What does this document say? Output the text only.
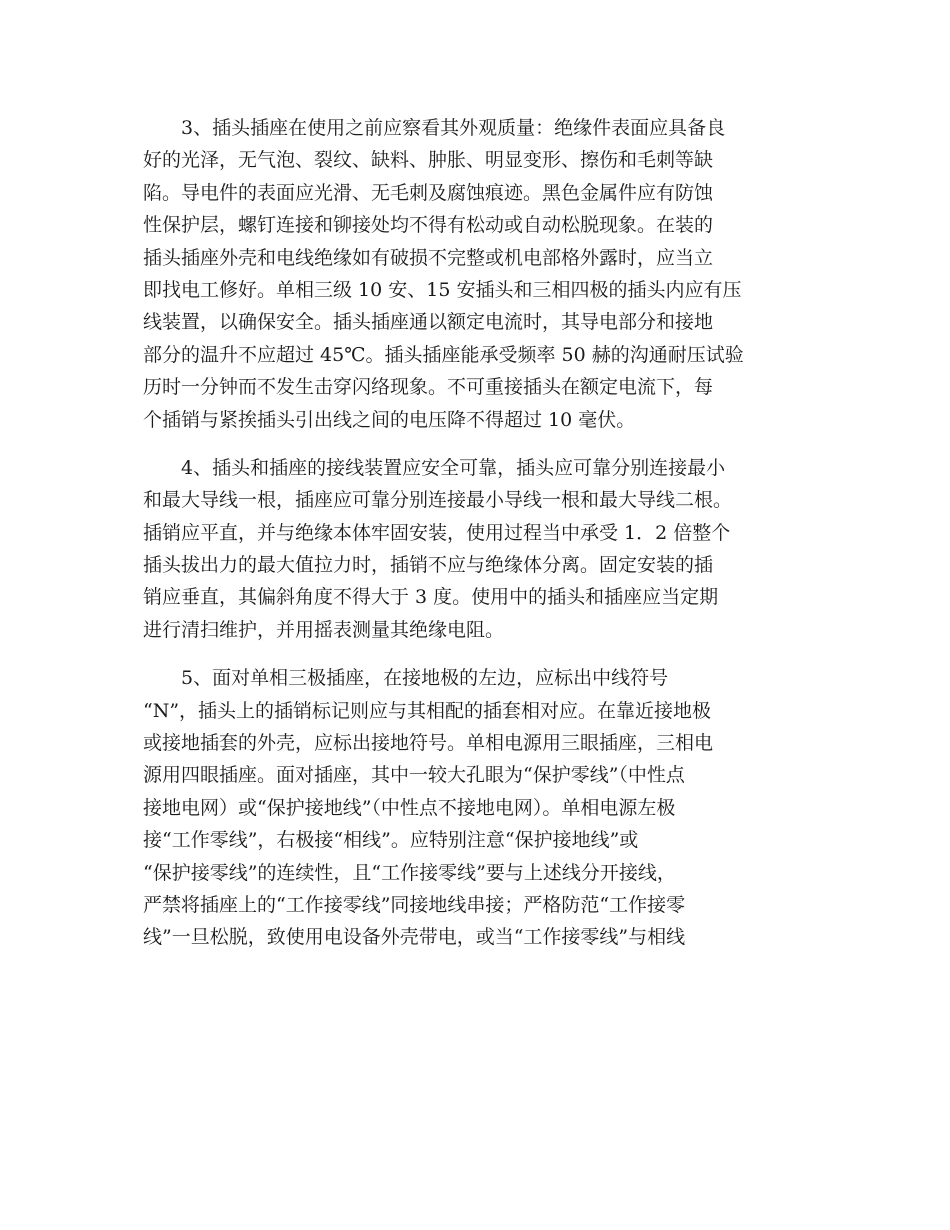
3、插头插座在使用之前应察看其外观质量：绝缘件表面应具备良
好的光泽，无气泡、裂纹、缺料、肿胀、明显变形、擦伤和毛刺等缺
陷。导电件的表面应光滑、无毛刺及腐蚀痕迹。黑色金属件应有防蚀
性保护层，螺钉连接和铆接处均不得有松动或自动松脱现象。在装的
插头插座外壳和电线绝缘如有破损不完整或机电部格外露时，应当立
即找电工修好。单相三级 10 安、15 安插头和三相四极的插头内应有压
线装置，以确保安全。插头插座通以额定电流时，其导电部分和接地
部分的温升不应超过 45℃。插头插座能承受频率 50 赫的沟通耐压试验
历时一分钟而不发生击穿闪络现象。不可重接插头在额定电流下，每
个插销与紧挨插头引出线之间的电压降不得超过 10 毫伏。
4、插头和插座的接线装置应安全可靠，插头应可靠分别连接最小
和最大导线一根，插座应可靠分别连接最小导线一根和最大导线二根。
插销应平直，并与绝缘本体牢固安装，使用过程当中承受 1．2 倍整个
插头拔出力的最大值拉力时，插销不应与绝缘体分离。固定安装的插
销应垂直，其偏斜角度不得大于 3 度。使用中的插头和插座应当定期
进行清扫维护，并用摇表测量其绝缘电阻。
5、面对单相三极插座，在接地极的左边，应标出中线符号
“N”，插头上的插销标记则应与其相配的插套相对应。在靠近接地极
或接地插套的外壳，应标出接地符号。单相电源用三眼插座，三相电
源用四眼插座。面对插座，其中一较大孔眼为“保护零线”（中性点
接地电网）或“保护接地线”（中性点不接地电网）。单相电源左极
接“工作零线”，右极接“相线”。应特别注意“保护接地线”或
“保护接零线”的连续性，且“工作接零线”要与上述线分开接线，
严禁将插座上的“工作接零线”同接地线串接；严格防范“工作接零
线”一旦松脱，致使用电设备外壳带电，或当“工作接零线”与相线
